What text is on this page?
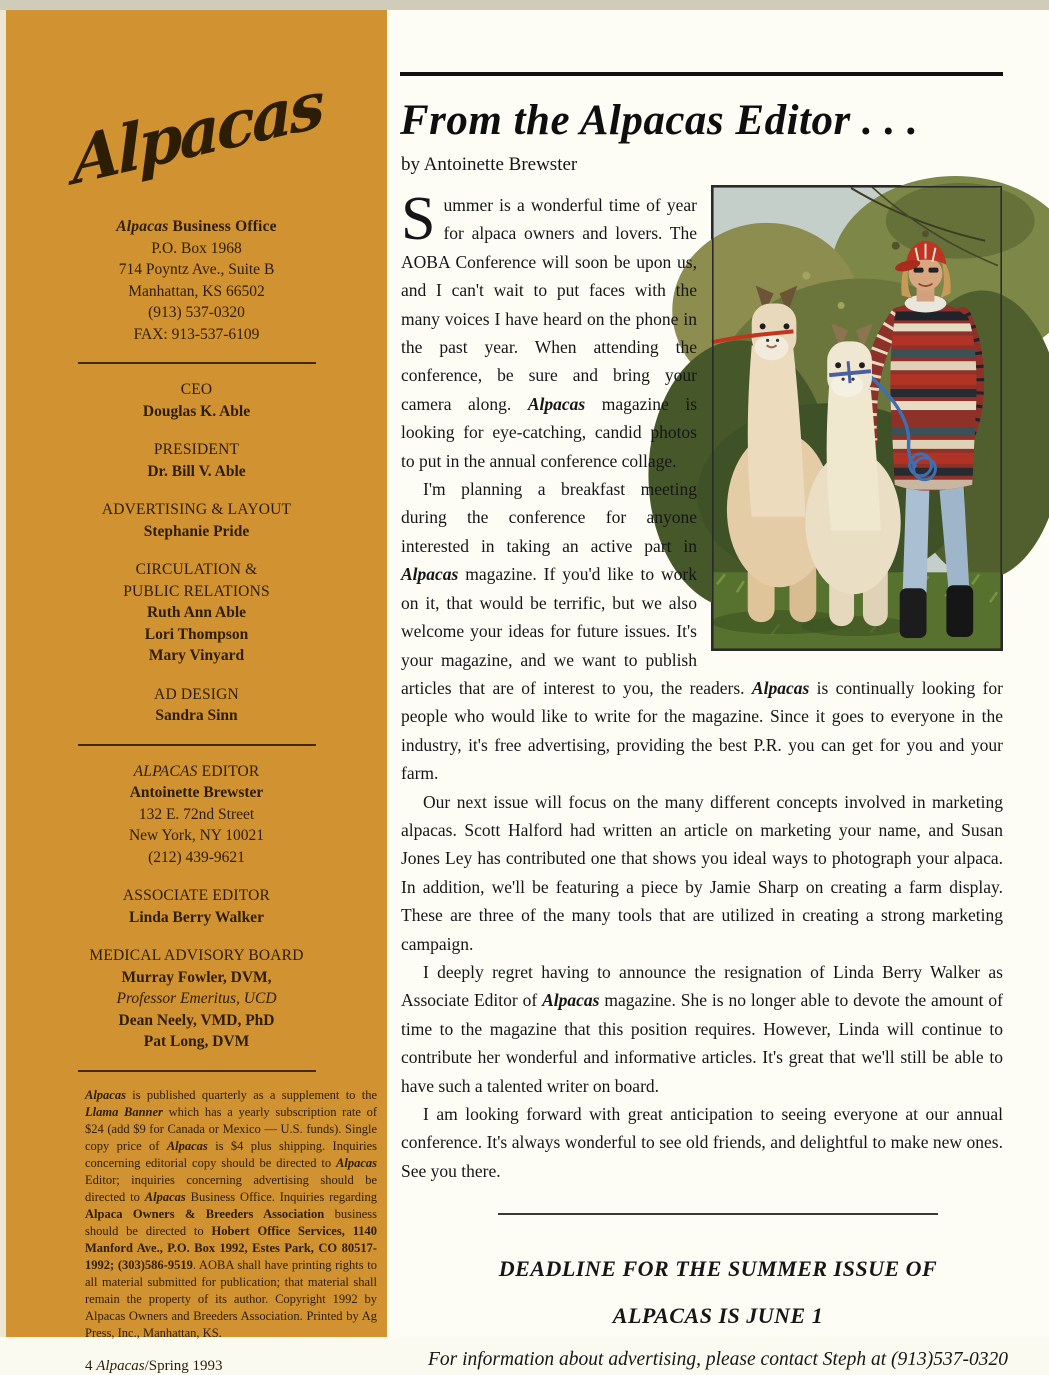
Alpacas
Alpacas Business Office
P.O. Box 1968
714 Poyntz Ave., Suite B
Manhattan, KS 66502
(913) 537-0320
FAX: 913-537-6109
CEO
Douglas K. Able
PRESIDENT
Dr. Bill V. Able
ADVERTISING & LAYOUT
Stephanie Pride
CIRCULATION &
PUBLIC RELATIONS
Ruth Ann Able
Lori Thompson
Mary Vinyard
AD DESIGN
Sandra Sinn
ALPACAS EDITOR
Antoinette Brewster
132 E. 72nd Street
New York, NY 10021
(212) 439-9621
ASSOCIATE EDITOR
Linda Berry Walker
MEDICAL ADVISORY BOARD
Murray Fowler, DVM,
Professor Emeritus, UCD
Dean Neely, VMD, PhD
Pat Long, DVM

Alpacas is published quarterly as a supplement to the Llama Banner which has a yearly subscription rate of $24 (add $9 for Canada or Mexico — U.S. funds). Single copy price of Alpacas is $4 plus shipping. Inquiries concerning editorial copy should be directed to Alpacas Editor; inquiries concerning advertising should be directed to Alpacas Business Office. Inquiries regarding Alpaca Owners & Breeders Association business should be directed to Hobert Office Services, 1140 Manford Ave., P.O. Box 1992, Estes Park, CO 80517-1992; (303)586-9519. AOBA shall have printing rights to all material submitted for publication; that material shall remain the property of its author. Copyright 1992 by Alpacas Owners and Breeders Association. Printed by Ag Press, Inc., Manhattan, KS.

4 Alpacas/Spring 1993
From the Alpacas Editor . . .
by Antoinette Brewster

Summer is a wonderful time of year for alpaca owners and lovers. The AOBA Conference will soon be upon us, and I can't wait to put faces with the many voices I have heard on the phone in the past year. When attending the conference, be sure and bring your camera along. Alpacas magazine is looking for eye-catching, candid photos to put in the annual conference collage.

I'm planning a breakfast meeting during the conference for anyone interested in taking an active part in Alpacas magazine. If you'd like to work on it, that would be terrific, but we also welcome your ideas for future issues. It's your magazine, and we want to publish articles that are of interest to you, the readers. Alpacas is continually looking for people who would like to write for the magazine. Since it goes to everyone in the industry, it's free advertising, providing the best P.R. you can get for you and your farm.

Our next issue will focus on the many different concepts involved in marketing alpacas. Scott Halford had written an article on marketing your name, and Susan Jones Ley has contributed one that shows you ideal ways to photograph your alpaca. In addition, we'll be featuring a piece by Jamie Sharp on creating a farm display. These are three of the many tools that are utilized in creating a strong marketing campaign.

I deeply regret having to announce the resignation of Linda Berry Walker as Associate Editor of Alpacas magazine. She is no longer able to devote the amount of time to the magazine that this position requires. However, Linda will continue to contribute her wonderful and informative articles. It's great that we'll still be able to have such a talented writer on board.

I am looking forward with great anticipation to seeing everyone at our annual conference. It's always wonderful to see old friends, and delightful to make new ones. See you there.

DEADLINE FOR THE SUMMER ISSUE OF
ALPACAS IS JUNE 1
For information about advertising, please contact Steph at (913)537-0320
